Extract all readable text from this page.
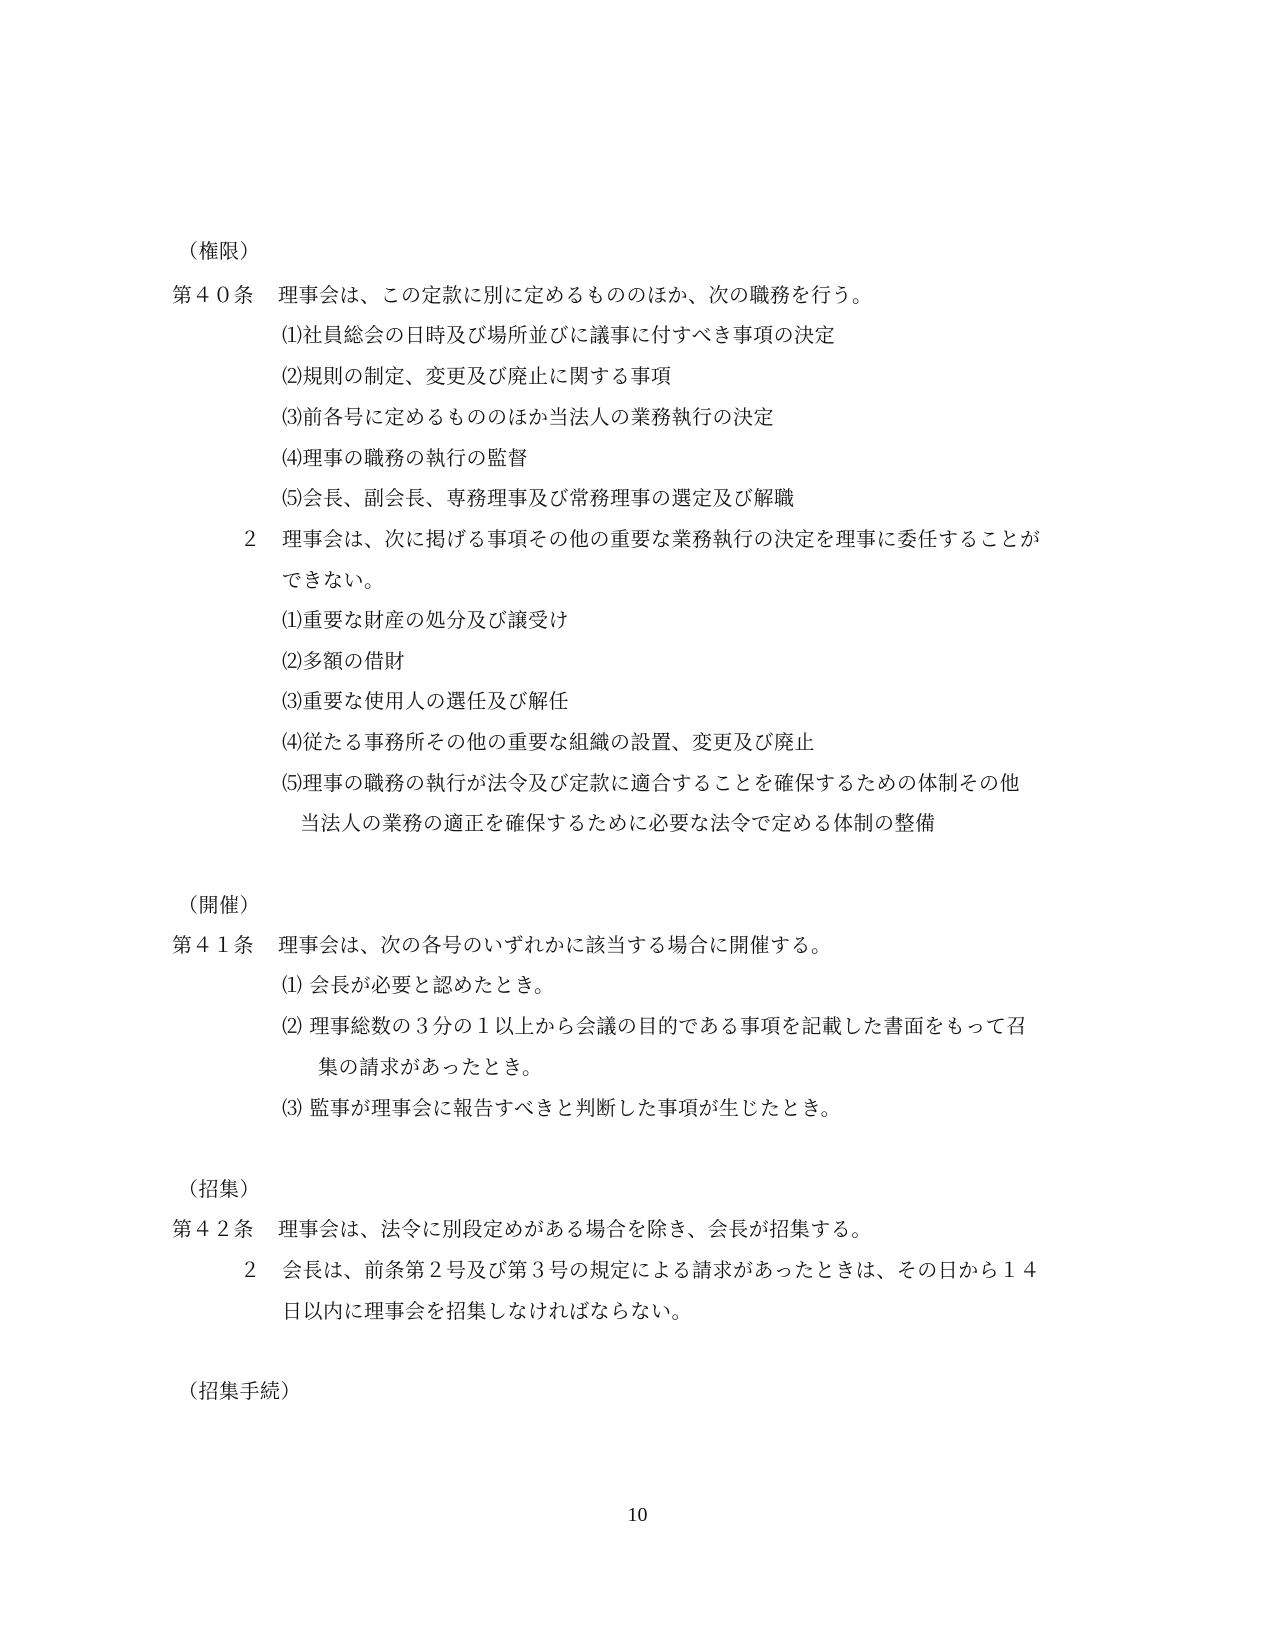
（権限）
第４０条 理事会は、この定款に別に定めるもののほか、次の職務を行う。
⑴社員総会の日時及び場所並びに議事に付すべき事項の決定
⑵規則の制定、変更及び廃止に関する事項
⑶前各号に定めるもののほか当法人の業務執行の決定
⑷理事の職務の執行の監督
⑸会長、副会長、専務理事及び常務理事の選定及び解職
２ 理事会は、次に掲げる事項その他の重要な業務執行の決定を理事に委任することが
できない。
⑴重要な財産の処分及び譲受け
⑵多額の借財
⑶重要な使用人の選任及び解任
⑷従たる事務所その他の重要な組織の設置、変更及び廃止
⑸理事の職務の執行が法令及び定款に適合することを確保するための体制その他
当法人の業務の適正を確保するために必要な法令で定める体制の整備
（開催）
第４１条 理事会は、次の各号のいずれかに該当する場合に開催する。
⑴ 会長が必要と認めたとき。
⑵ 理事総数の３分の１以上から会議の目的である事項を記載した書面をもって召
集の請求があったとき。
⑶ 監事が理事会に報告すべきと判断した事項が生じたとき。
（招集）
第４２条 理事会は、法令に別段定めがある場合を除き、会長が招集する。
２ 会長は、前条第２号及び第３号の規定による請求があったときは、その日から１４
日以内に理事会を招集しなければならない。
（招集手続）
10
